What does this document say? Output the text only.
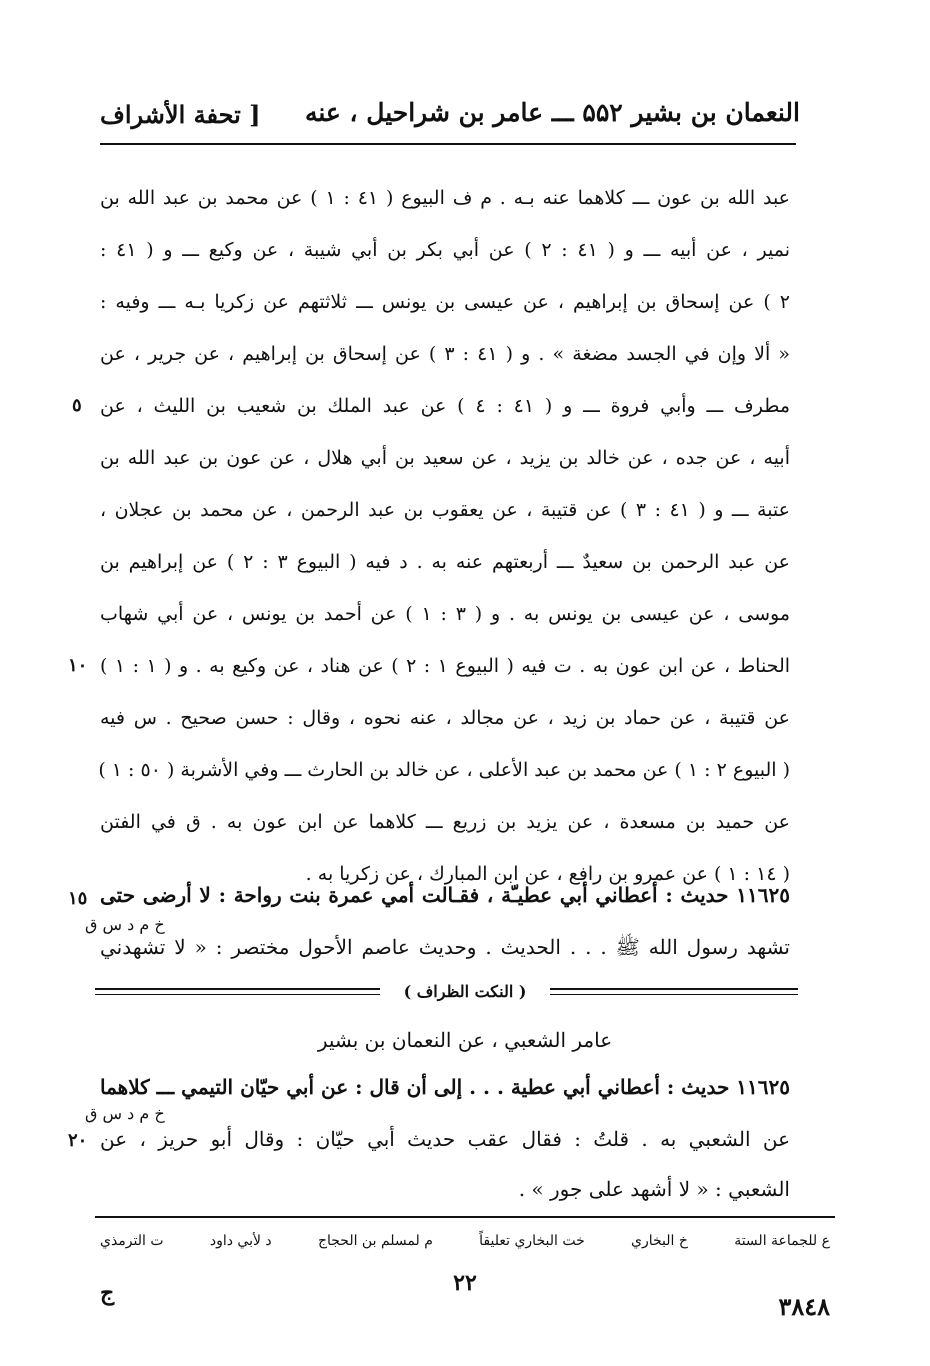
النعمان بن بشير ۵۵۲ ـــ عامر بن شراحيل ، عنه
[ تحفة الأشراف
عبد الله بن عون ـــ كلاهما عنه بـه . م ف البيوع ( ٤١ : ١ ) عن محمد بن عبد الله بن
نمير ، عن أبيه ـــ و ( ٤١ : ٢ ) عن أبي بكر بن أبي شيبة ، عن وكيع ـــ و ( ٤١ :
٢ ) عن إسحاق بن إبراهيم ، عن عيسى بن يونس ـــ ثلاثتهم عن زكريا بـه ـــ وفيه :
« ألا وإن في الجسد مضغة » . و ( ٤١ : ٣ ) عن إسحاق بن إبراهيم ، عن جرير ، عن
مطرف ـــ وأبي فروة ـــ و ( ٤١ : ٤ ) عن عبد الملك بن شعيب بن الليث ، عن
أبيه ، عن جده ، عن خالد بن يزيد ، عن سعيد بن أبي هلال ، عن عون بن عبد الله بن
عتبة ـــ و ( ٤١ : ٣ ) عن قتيبة ، عن يعقوب بن عبد الرحمن ، عن محمد بن عجلان ،
عن عبد الرحمن بن سعيدٌ ـــ أربعتهم عنه به . د فيه ( البيوع ٣ : ٢ ) عن إبراهيم بن
موسى ، عن عيسى بن يونس به . و ( ٣ : ١ ) عن أحمد بن يونس ، عن أبي شهاب
الحناط ، عن ابن عون به . ت فيه ( البيوع ١ : ٢ ) عن هناد ، عن وكيع به . و ( ١ : ١ )
عن قتيبة ، عن حماد بن زيد ، عن مجالد ، عنه نحوه ، وقال : حسن صحيح . س فيه
( البيوع ٢ : ١ ) عن محمد بن عبد الأعلى ، عن خالد بن الحارث ـــ وفي الأشربة ( ٥٠ : ١ )
عن حميد بن مسعدة ، عن يزيد بن زريع ـــ كلاهما عن ابن عون به . ق في الفتن
( ١٤ : ١ ) عن عمرو بن رافع ، عن ابن المبارك ، عن زكريا به .
١١٦٢٥ حديث : أعطاني أبي عطيـّة ، فقـالت أمي عمرة بنت رواحة : لا أرضى حتى
خ م د س ق
تشهد رسول الله ﷺ . . . الحديث . وحديث عاصم الأحول مختصر : « لا تشهدني
٥
١٠
١٥
٢٠
( النكت الظراف )
عامر الشعبي ، عن النعمان بن بشير
١١٦٢٥ حديث : أعطاني أبي عطية . . . إلى أن قال : عن أبي حيّان التيمي ـــ كلاهما
خ م د س ق
عن الشعبي به . قلتُ : فقال عقب حديث أبي حيّان : وقال أبو حريز ، عن
الشعبي : « لا أشهد على جور » .
ع للجماعة الستة
خ البخاري
خت البخاري تعليقاً
م لمسلم بن الحجاج
د لأبي داود
ت الترمذي
٢٢
ج	٣٨٤٨
